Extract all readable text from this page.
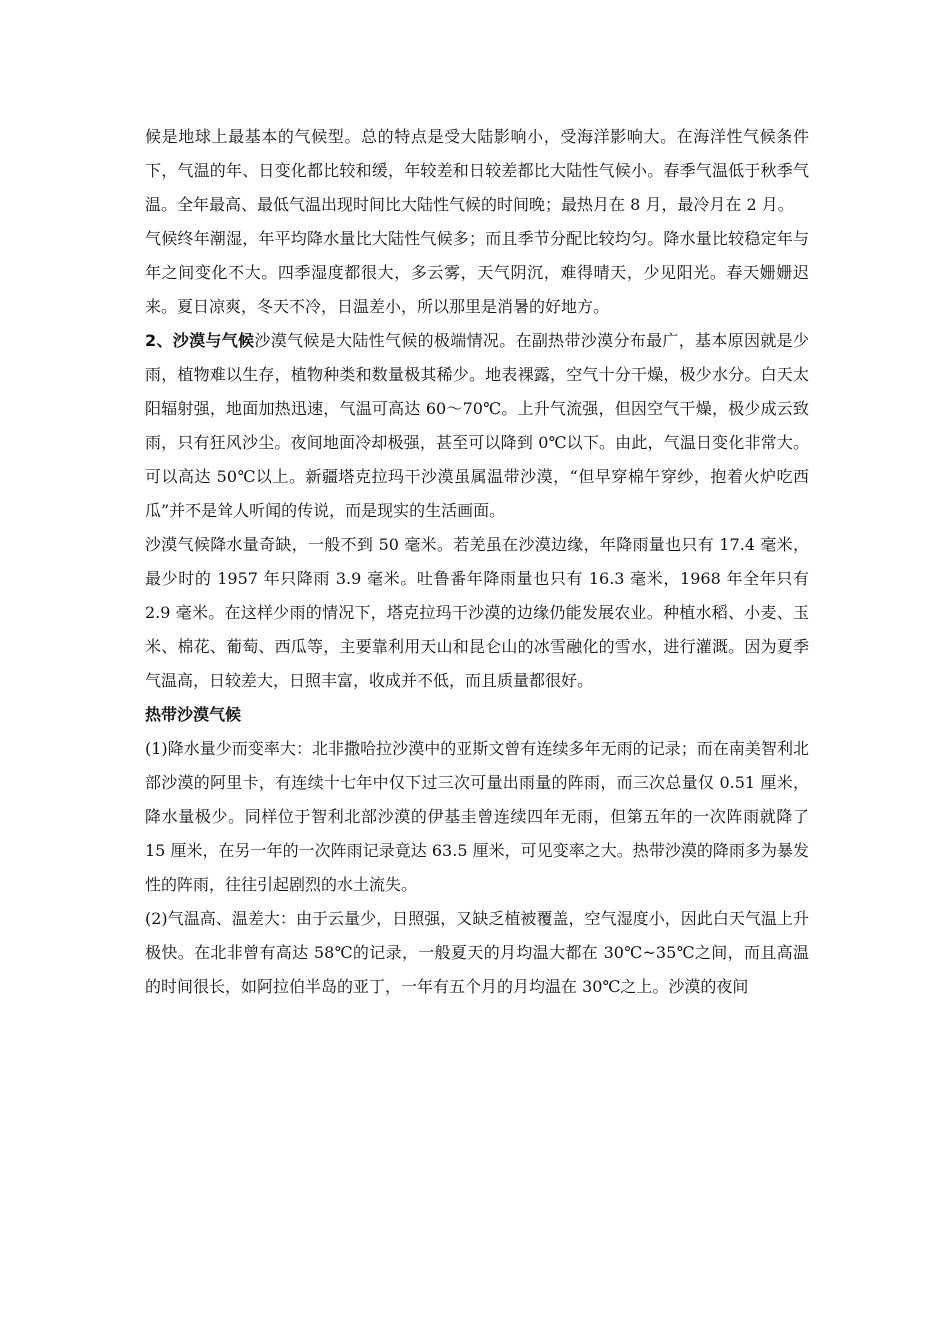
候是地球上最基本的气候型。总的特点是受大陆影响小，受海洋影响大。在海洋性气候条件下，气温的年、日变化都比较和缓，年较差和日较差都比大陆性气候小。春季气温低于秋季气温。全年最高、最低气温出现时间比大陆性气候的时间晚；最热月在 8 月，最冷月在 2 月。

气候终年潮湿，年平均降水量比大陆性气候多；而且季节分配比较均匀。降水量比较稳定年与年之间变化不大。四季湿度都很大，多云雾，天气阴沉，难得晴天，少见阳光。春天姗姗迟来。夏日凉爽，冬天不冷，日温差小，所以那里是消暑的好地方。

2、沙漠与气候沙漠气候是大陆性气候的极端情况。在副热带沙漠分布最广，基本原因就是少雨，植物难以生存，植物种类和数量极其稀少。地表裸露，空气十分干燥，极少水分。白天太阳辐射强，地面加热迅速，气温可高达 60～70℃。上升气流强，但因空气干燥，极少成云致雨，只有狂风沙尘。夜间地面冷却极强，甚至可以降到 0℃以下。由此，气温日变化非常大。可以高达 50℃以上。新疆塔克拉玛干沙漠虽属温带沙漠，“但早穿棉午穿纱，抱着火炉吃西瓜”并不是耸人听闻的传说，而是现实的生活画面。

沙漠气候降水量奇缺，一般不到 50 毫米。若羌虽在沙漠边缘，年降雨量也只有 17.4 毫米，最少时的 1957 年只降雨 3.9 毫米。吐鲁番年降雨量也只有 16.3 毫米，1968 年全年只有 2.9 毫米。在这样少雨的情况下，塔克拉玛干沙漠的边缘仍能发展农业。种植水稻、小麦、玉米、棉花、葡萄、西瓜等，主要靠利用天山和昆仑山的冰雪融化的雪水，进行灌溉。因为夏季气温高，日较差大，日照丰富，收成并不低，而且质量都很好。

热带沙漠气候

(1)降水量少而变率大：北非撒哈拉沙漠中的亚斯文曾有连续多年无雨的记录；而在南美智利北部沙漠的阿里卡，有连续十七年中仅下过三次可量出雨量的阵雨，而三次总量仅 0.51 厘米，降水量极少。同样位于智利北部沙漠的伊基圭曾连续四年无雨，但第五年的一次阵雨就降了 15 厘米，在另一年的一次阵雨记录竟达 63.5 厘米，可见变率之大。热带沙漠的降雨多为暴发性的阵雨，往往引起剧烈的水土流失。

(2)气温高、温差大：由于云量少，日照强，又缺乏植被覆盖，空气湿度小，因此白天气温上升极快。在北非曾有高达 58℃的记录，一般夏天的月均温大都在 30℃~35℃之间，而且高温的时间很长，如阿拉伯半岛的亚丁，一年有五个月的月均温在 30℃之上。沙漠的夜间
